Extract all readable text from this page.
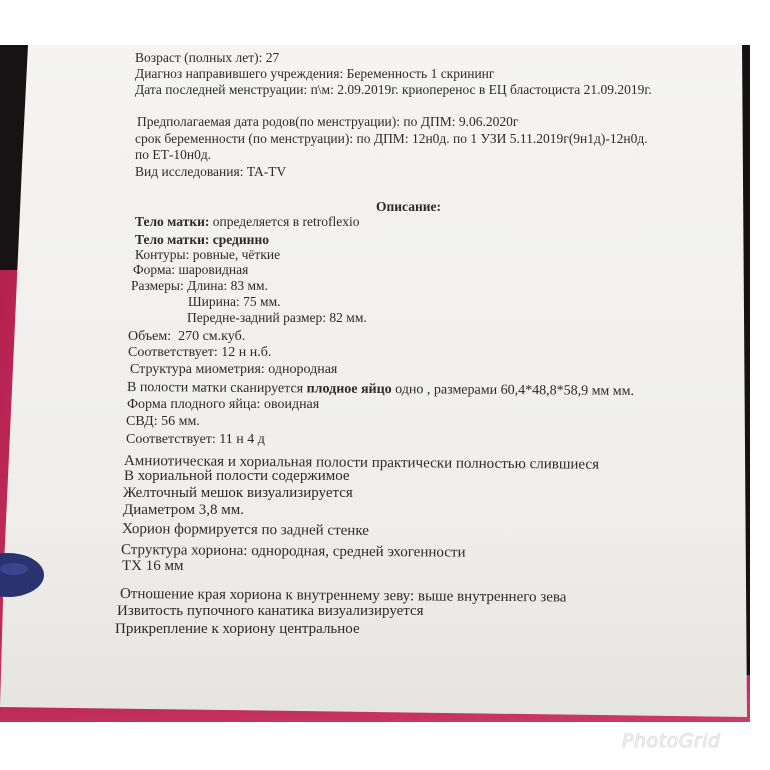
Возраст (полных лет): 27
Диагноз направившего учреждения: Беременность 1 скрининг
Дата последней менструации: п\м: 2.09.2019г. криоперенос в ЕЦ бластоциста 21.09.2019г.
Предполагаемая дата родов(по менструации): по ДПМ: 9.06.2020г
срок беременности (по менструации): по ДПМ: 12н0д. по 1 УЗИ 5.11.2019г(9н1д)-12н0д.
по ЕТ-10н0д.
Вид исследования: TA-TV
Описание:
Тело матки: определяется в retroflexio
Тело матки: срединно
Контуры: ровные, чёткие
Форма: шаровидная
Размеры: Длина: 83 мм.
Ширина: 75 мм.
Передне-задний размер: 82 мм.
Объем:  270 см.куб.
Соответствует: 12 н н.б.
Структура миометрия: однородная
В полости матки сканируется плодное яйцо одно , размерами 60,4*48,8*58,9 мм мм.
Форма плодного яйца: овоидная
СВД: 56 мм.
Соответствует: 11 н 4 д
Амниотическая и хориальная полости практически полностью слившиеся
В хориальной полости содержимое
Желточный мешок визуализируется
Диаметром 3,8 мм.
Хорион формируется по задней стенке
Структура хориона: однородная, средней эхогенности
ТХ 16 мм
Отношение края хориона к внутреннему зеву: выше внутреннего зева
Извитость пупочного канатика визуализируется
Прикрепление к хориону центральное
PhotoGrid
